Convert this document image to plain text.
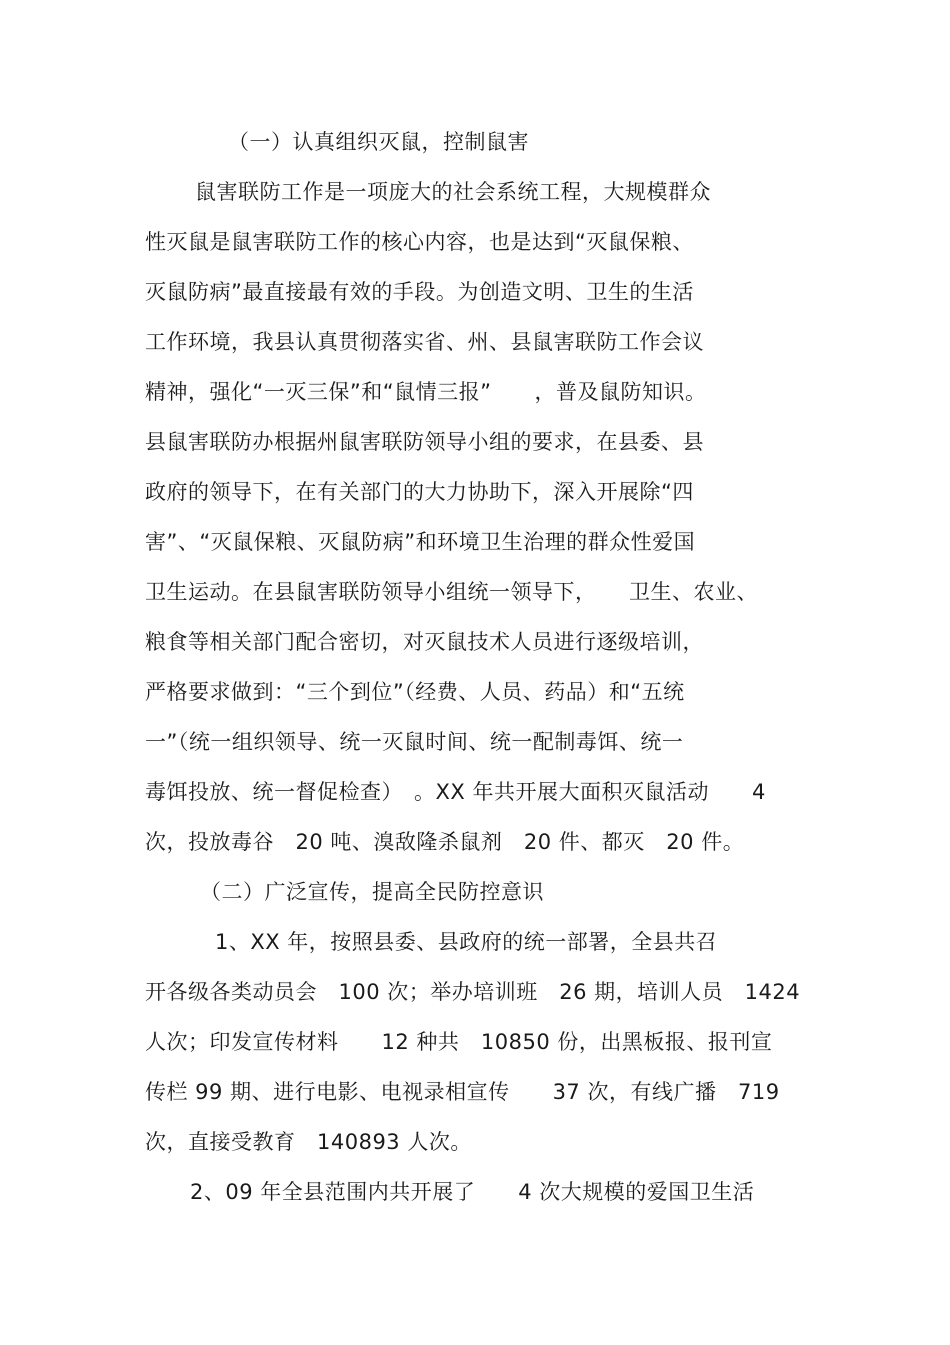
（一）认真组织灭鼠，控制鼠害
鼠害联防工作是一项庞大的社会系统工程，大规模群众
性灭鼠是鼠害联防工作的核心内容，也是达到“灭鼠保粮、
灭鼠防病”最直接最有效的手段。为创造文明、卫生的生活
工作环境，我县认真贯彻落实省、州、县鼠害联防工作会议
精神，强化“一灭三保”和“鼠情三报”　　，普及鼠防知识。
县鼠害联防办根据州鼠害联防领导小组的要求，在县委、县
政府的领导下，在有关部门的大力协助下，深入开展除“四
害”、“灭鼠保粮、灭鼠防病”和环境卫生治理的群众性爱国
卫生运动。在县鼠害联防领导小组统一领导下，　　卫生、农业、
粮食等相关部门配合密切，对灭鼠技术人员进行逐级培训，
严格要求做到：“三个到位”（经费、人员、药品）和“五统
一”（统一组织领导、统一灭鼠时间、统一配制毒饵、统一
毒饵投放、统一督促检查）　。XX 年共开展大面积灭鼠活动　　4
次，投放毒谷　20 吨、溴敌隆杀鼠剂　20 件、都灭　20 件。
（二）广泛宣传，提高全民防控意识
1、XX 年，按照县委、县政府的统一部署，全县共召
开各级各类动员会　100 次；举办培训班　26 期，培训人员　1424
人次；印发宣传材料　　12 种共　10850 份，出黑板报、报刊宣
传栏 99 期、进行电影、电视录相宣传　　37 次，有线广播　719
次，直接受教育　140893 人次。
2、09 年全县范围内共开展了　　4 次大规模的爱国卫生活
